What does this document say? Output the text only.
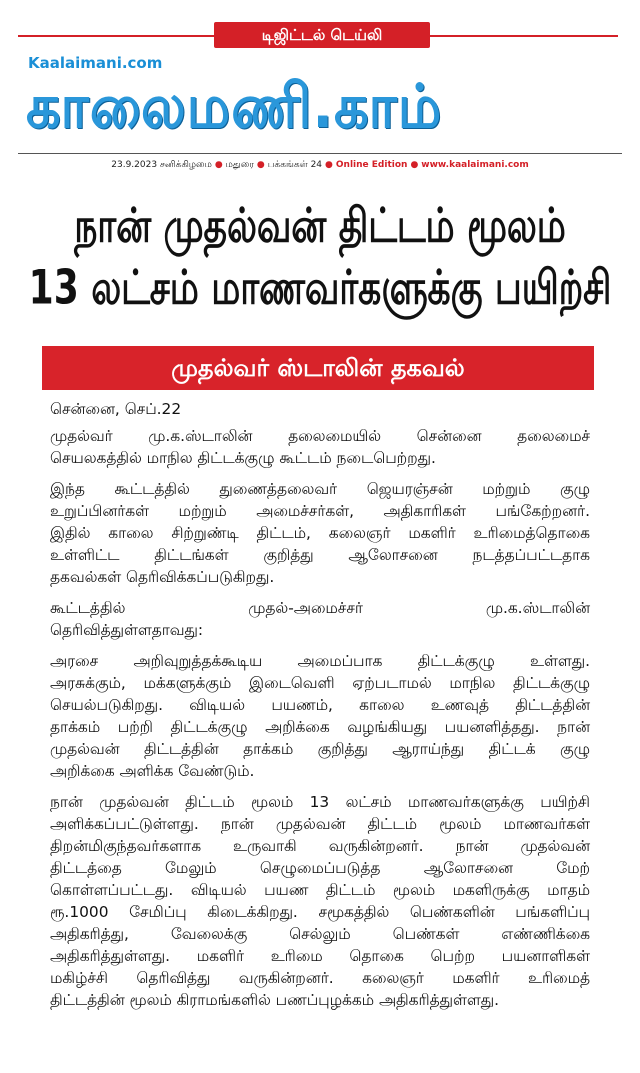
டிஜிட்டல் டெய்லி
Kaalaimani.com
காலைமணி.காம்
23.9.2023 சனிக்கிழமை ● மதுரை ● பக்கங்கள் 24 ● Online Edition ● www.kaalaimani.com
நான் முதல்வன் திட்டம் மூலம்
13 லட்சம் மாணவர்களுக்கு பயிற்சி
முதல்வர் ஸ்டாலின் தகவல்
சென்னை, செப்.22
முதல்வர் மு.க.ஸ்டாலின் தலைமையில் சென்னை தலைமைச்
செயலகத்தில் மாநில திட்டக்குழு கூட்டம் நடைபெற்றது.
இந்த கூட்டத்தில் துணைத்தலைவர் ஜெயரஞ்சன் மற்றும் குழு
உறுப்பினர்கள் மற்றும் அமைச்சர்கள், அதிகாரிகள் பங்கேற்றனர்.
இதில் காலை சிற்றுண்டி திட்டம், கலைஞர் மகளிர் உரிமைத்தொகை
உள்ளிட்ட திட்டங்கள் குறித்து ஆலோசனை நடத்தப்பட்டதாக
தகவல்கள் தெரிவிக்கப்படுகிறது.
கூட்டத்தில் முதல்-அமைச்சர் மு.க.ஸ்டாலின்
தெரிவித்துள்ளதாவது:
அரசை அறிவுறுத்தக்கூடிய அமைப்பாக திட்டக்குழு உள்ளது.
அரசுக்கும், மக்களுக்கும் இடைவெளி ஏற்படாமல் மாநில திட்டக்குழு
செயல்படுகிறது. விடியல் பயணம், காலை உணவுத் திட்டத்தின்
தாக்கம் பற்றி திட்டக்குழு அறிக்கை வழங்கியது பயனளித்தது. நான்
முதல்வன் திட்டத்தின் தாக்கம் குறித்து ஆராய்ந்து திட்டக் குழு
அறிக்கை அளிக்க வேண்டும்.
நான் முதல்வன் திட்டம் மூலம் 13 லட்சம் மாணவர்களுக்கு பயிற்சி
அளிக்கப்பட்டுள்ளது. நான் முதல்வன் திட்டம் மூலம் மாணவர்கள்
திறன்மிகுந்தவர்களாக உருவாகி வருகின்றனர். நான் முதல்வன்
திட்டத்தை மேலும் செழுமைப்படுத்த ஆலோசனை மேற்
கொள்ளப்பட்டது. விடியல் பயண திட்டம் மூலம் மகளிருக்கு மாதம்
ரூ.1000 சேமிப்பு கிடைக்கிறது. சமூகத்தில் பெண்களின் பங்களிப்பு
அதிகரித்து, வேலைக்கு செல்லும் பெண்கள் எண்ணிக்கை
அதிகரித்துள்ளது. மகளிர் உரிமை தொகை பெற்ற பயனாளிகள்
மகிழ்ச்சி தெரிவித்து வருகின்றனர். கலைஞர் மகளிர் உரிமைத்
திட்டத்தின் மூலம் கிராமங்களில் பணப்புழக்கம் அதிகரித்துள்ளது.
